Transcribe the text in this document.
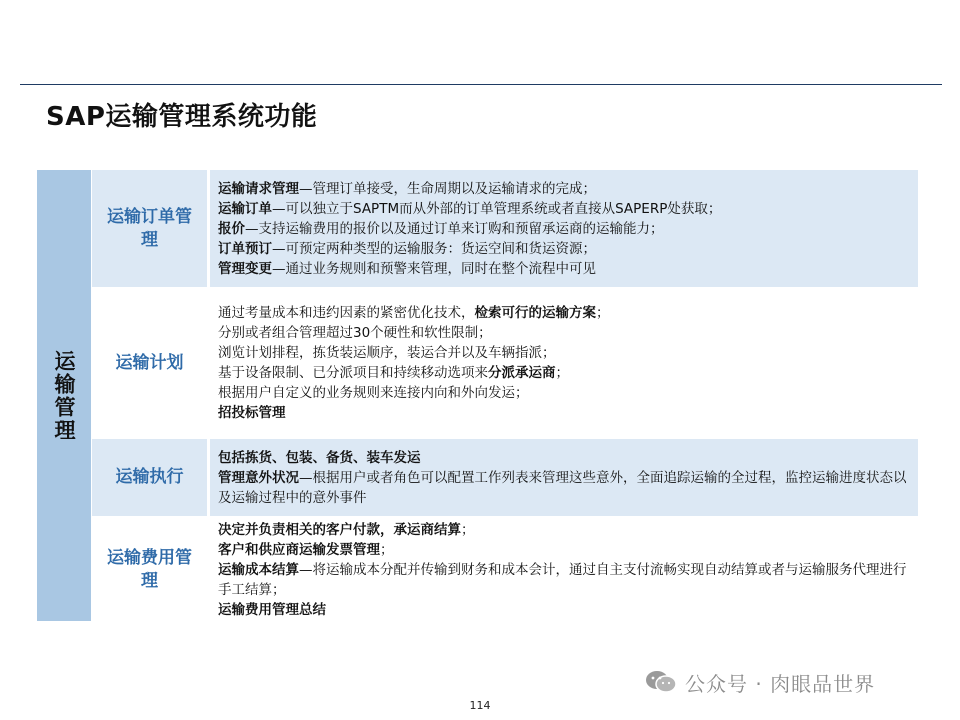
SAP运输管理系统功能
运输管理
运输订单管理
运输请求管理—管理订单接受，生命周期以及运输请求的完成；
运输订单—可以独立于SAPTM而从外部的订单管理系统或者直接从SAPERP处获取；
报价—支持运输费用的报价以及通过订单来订购和预留承运商的运输能力；
订单预订—可预定两种类型的运输服务：货运空间和货运资源；
管理变更—通过业务规则和预警来管理，同时在整个流程中可见
运输计划
通过考量成本和违约因素的紧密优化技术，检索可行的运输方案；
分别或者组合管理超过30个硬性和软性限制；
浏览计划排程，拣货装运顺序，装运合并以及车辆指派；
基于设备限制、已分派项目和持续移动选项来分派承运商；
根据用户自定义的业务规则来连接内向和外向发运；
招投标管理
运输执行
包括拣货、包装、备货、装车发运
管理意外状况—根据用户或者角色可以配置工作列表来管理这些意外，全面追踪运输的全过程，监控运输进度状态以及运输过程中的意外事件
运输费用管理
决定并负责相关的客户付款，承运商结算；
客户和供应商运输发票管理；
运输成本结算—将运输成本分配并传输到财务和成本会计，通过自主支付流畅实现自动结算或者与运输服务代理进行手工结算；
运输费用管理总结
公众号 · 肉眼品世界
114
